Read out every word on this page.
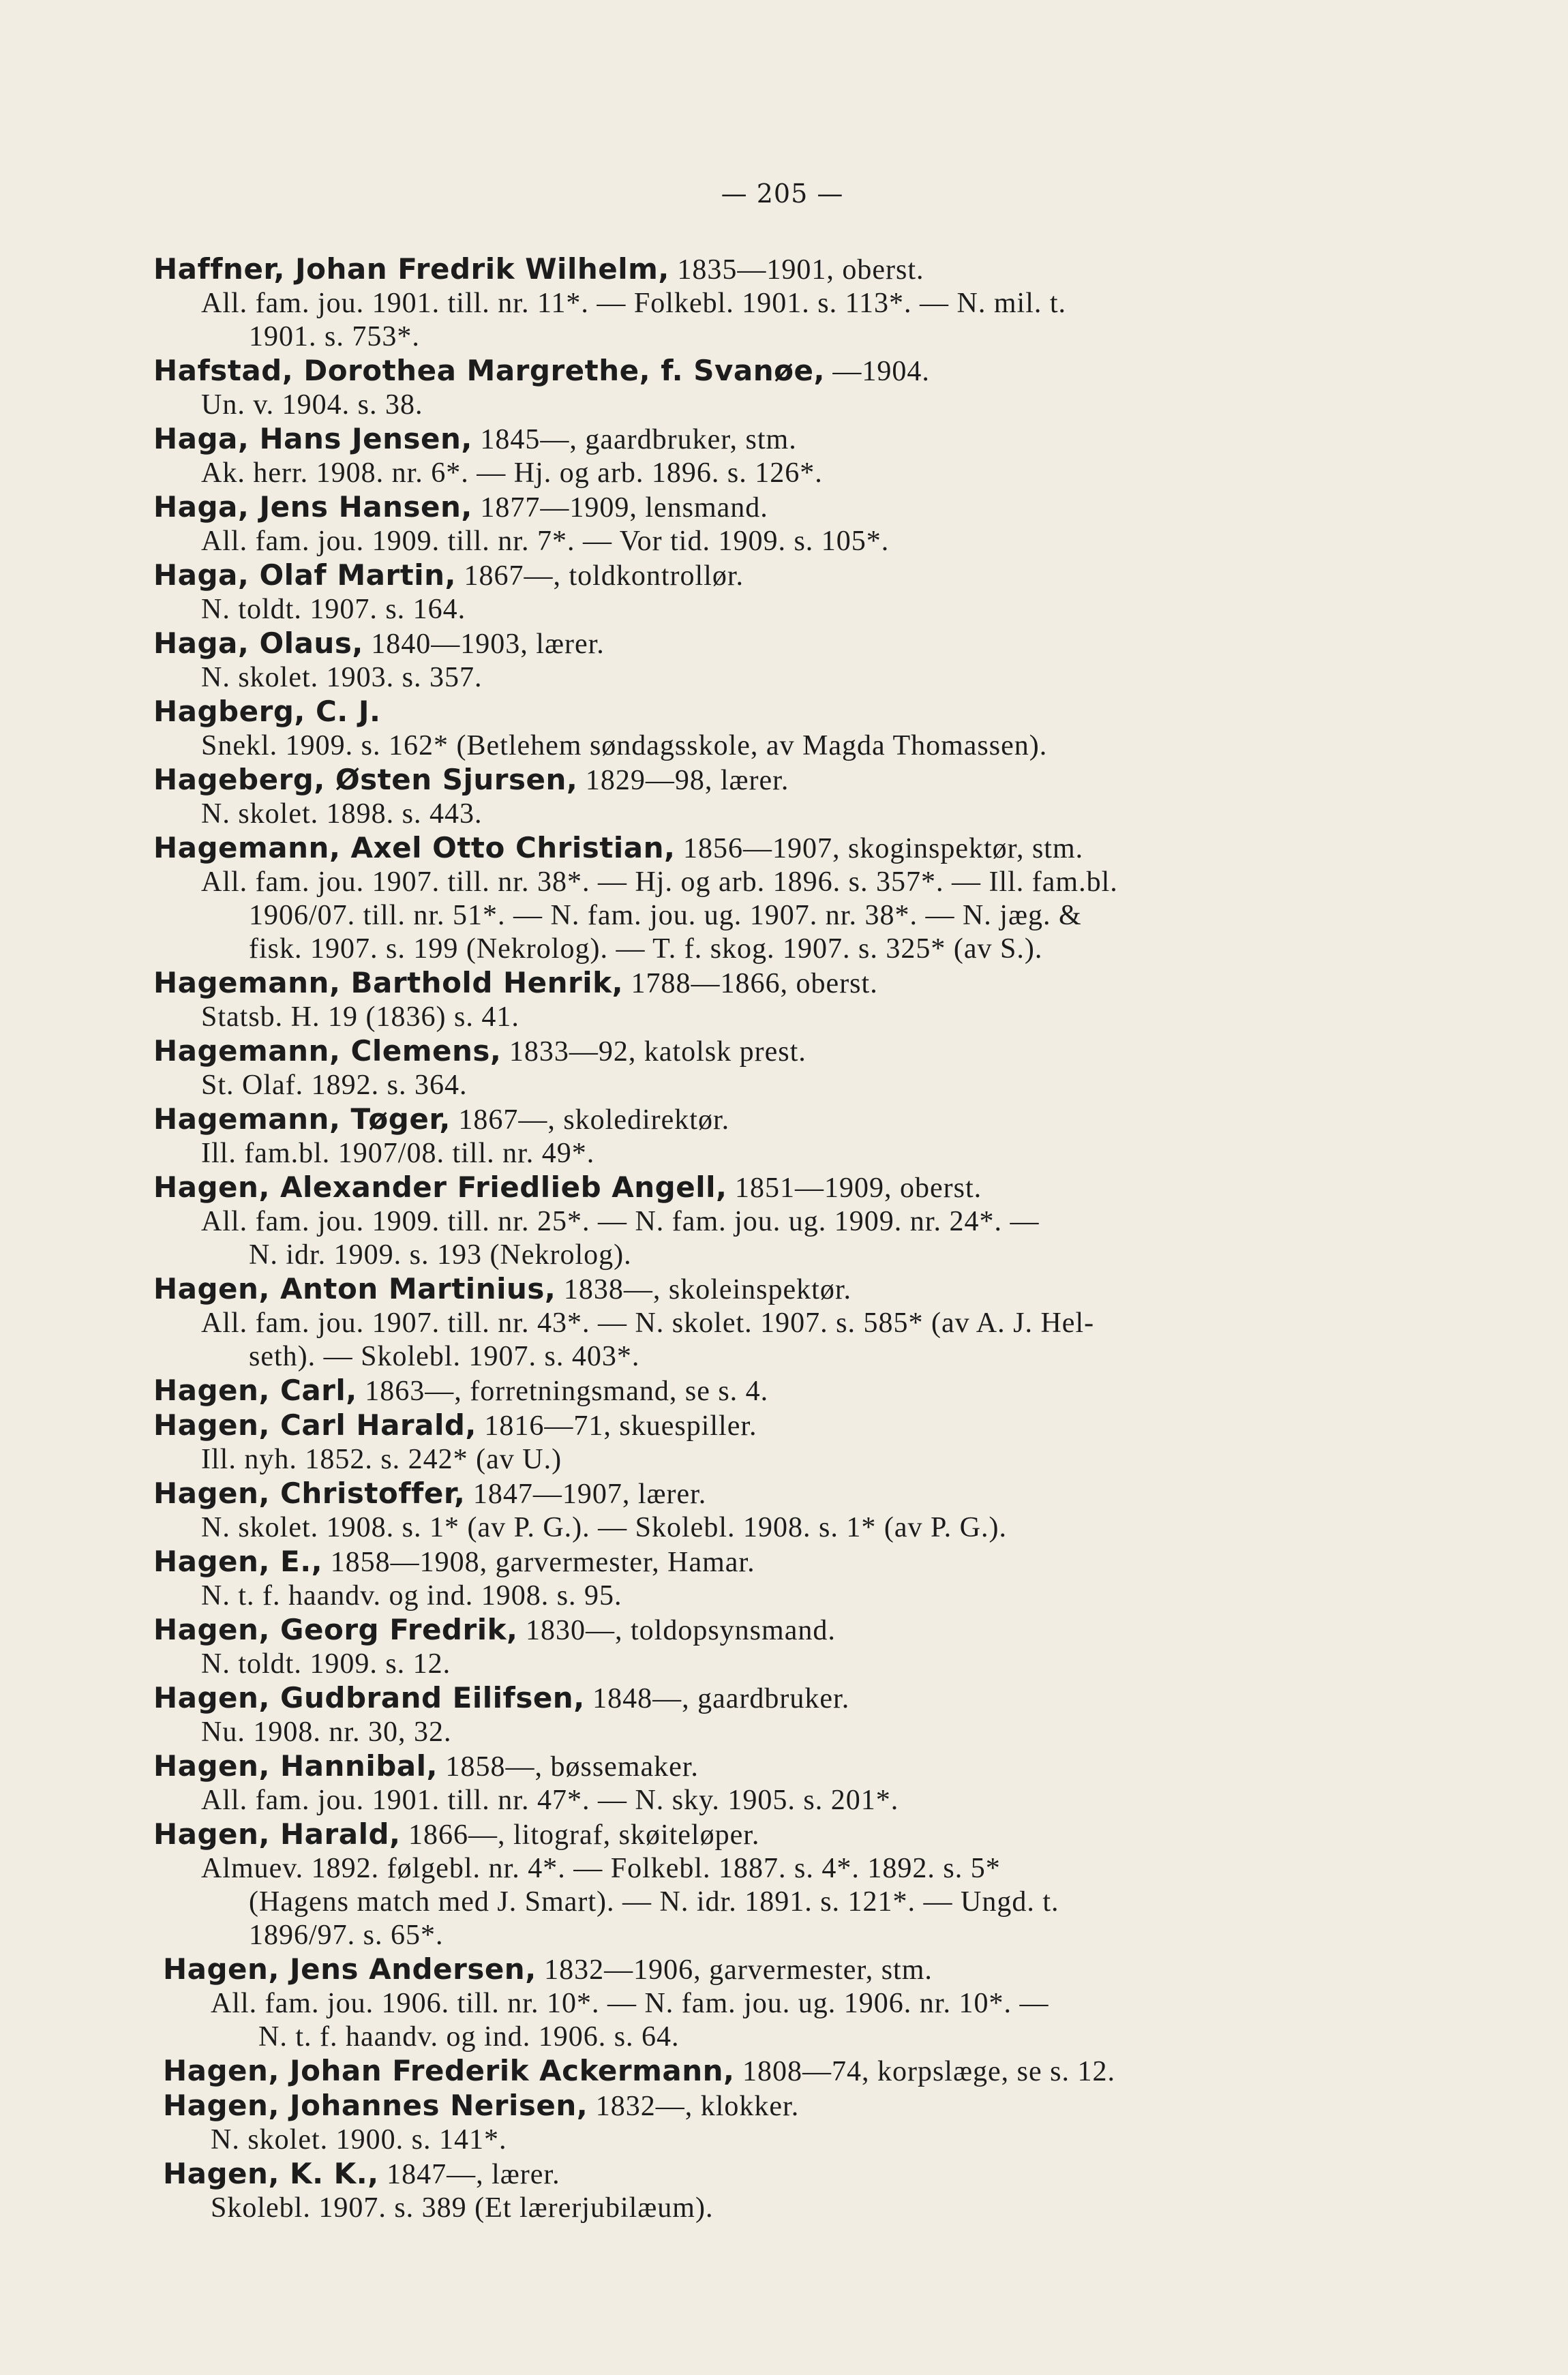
— 205 —
Haffner, Johan Fredrik Wilhelm, 1835—1901, oberst.
All. fam. jou. 1901. till. nr. 11*. — Folkebl. 1901. s. 113*. — N. mil. t.
1901. s. 753*.
Hafstad, Dorothea Margrethe, f. Svanøe, —1904.
Un. v. 1904. s. 38.
Haga, Hans Jensen, 1845—, gaardbruker, stm.
Ak. herr. 1908. nr. 6*. — Hj. og arb. 1896. s. 126*.
Haga, Jens Hansen, 1877—1909, lensmand.
All. fam. jou. 1909. till. nr. 7*. — Vor tid. 1909. s. 105*.
Haga, Olaf Martin, 1867—, toldkontrollør.
N. toldt. 1907. s. 164.
Haga, Olaus, 1840—1903, lærer.
N. skolet. 1903. s. 357.
Hagberg, C. J.
Snekl. 1909. s. 162* (Betlehem søndagsskole, av Magda Thomassen).
Hageberg, Østen Sjursen, 1829—98, lærer.
N. skolet. 1898. s. 443.
Hagemann, Axel Otto Christian, 1856—1907, skoginspektør, stm.
All. fam. jou. 1907. till. nr. 38*. — Hj. og arb. 1896. s. 357*. — Ill. fam.bl.
1906/07. till. nr. 51*. — N. fam. jou. ug. 1907. nr. 38*. — N. jæg. &
fisk. 1907. s. 199 (Nekrolog). — T. f. skog. 1907. s. 325* (av S.).
Hagemann, Barthold Henrik, 1788—1866, oberst.
Statsb. H. 19 (1836) s. 41.
Hagemann, Clemens, 1833—92, katolsk prest.
St. Olaf. 1892. s. 364.
Hagemann, Tøger, 1867—, skoledirektør.
Ill. fam.bl. 1907/08. till. nr. 49*.
Hagen, Alexander Friedlieb Angell, 1851—1909, oberst.
All. fam. jou. 1909. till. nr. 25*. — N. fam. jou. ug. 1909. nr. 24*. —
N. idr. 1909. s. 193 (Nekrolog).
Hagen, Anton Martinius, 1838—, skoleinspektør.
All. fam. jou. 1907. till. nr. 43*. — N. skolet. 1907. s. 585* (av A. J. Hel-
seth). — Skolebl. 1907. s. 403*.
Hagen, Carl, 1863—, forretningsmand, se s. 4.
Hagen, Carl Harald, 1816—71, skuespiller.
Ill. nyh. 1852. s. 242* (av U.)
Hagen, Christoffer, 1847—1907, lærer.
N. skolet. 1908. s. 1* (av P. G.). — Skolebl. 1908. s. 1* (av P. G.).
Hagen, E., 1858—1908, garvermester, Hamar.
N. t. f. haandv. og ind. 1908. s. 95.
Hagen, Georg Fredrik, 1830—, toldopsynsmand.
N. toldt. 1909. s. 12.
Hagen, Gudbrand Eilifsen, 1848—, gaardbruker.
Nu. 1908. nr. 30, 32.
Hagen, Hannibal, 1858—, bøssemaker.
All. fam. jou. 1901. till. nr. 47*. — N. sky. 1905. s. 201*.
Hagen, Harald, 1866—, litograf, skøiteløper.
Almuev. 1892. følgebl. nr. 4*. — Folkebl. 1887. s. 4*. 1892. s. 5*
(Hagens match med J. Smart). — N. idr. 1891. s. 121*. — Ungd. t.
1896/97. s. 65*.
Hagen, Jens Andersen, 1832—1906, garvermester, stm.
All. fam. jou. 1906. till. nr. 10*. — N. fam. jou. ug. 1906. nr. 10*. —
N. t. f. haandv. og ind. 1906. s. 64.
Hagen, Johan Frederik Ackermann, 1808—74, korpslæge, se s. 12.
Hagen, Johannes Nerisen, 1832—, klokker.
N. skolet. 1900. s. 141*.
Hagen, K. K., 1847—, lærer.
Skolebl. 1907. s. 389 (Et lærerjubilæum).
